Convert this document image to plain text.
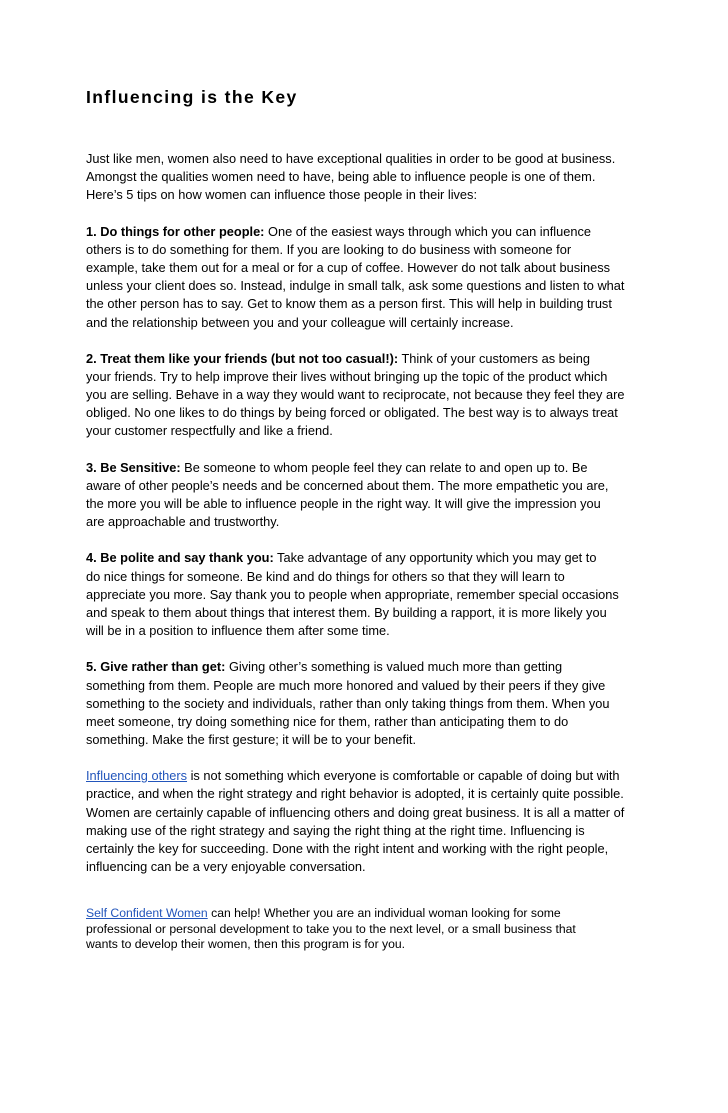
Influencing is the Key

Just like men, women also need to have exceptional qualities in order to be good at business.
Amongst the qualities women need to have, being able to influence people is one of them.
Here’s 5 tips on how women can influence those people in their lives:

1. Do things for other people: One of the easiest ways through which you can influence
others is to do something for them. If you are looking to do business with someone for
example, take them out for a meal or for a cup of coffee. However do not talk about business
unless your client does so. Instead, indulge in small talk, ask some questions and listen to what
the other person has to say. Get to know them as a person first. This will help in building trust
and the relationship between you and your colleague will certainly increase.

2. Treat them like your friends (but not too casual!): Think of your customers as being
your friends. Try to help improve their lives without bringing up the topic of the product which
you are selling. Behave in a way they would want to reciprocate, not because they feel they are
obliged. No one likes to do things by being forced or obligated. The best way is to always treat
your customer respectfully and like a friend.

3. Be Sensitive: Be someone to whom people feel they can relate to and open up to. Be
aware of other people’s needs and be concerned about them. The more empathetic you are,
the more you will be able to influence people in the right way. It will give the impression you
are approachable and trustworthy.

4. Be polite and say thank you: Take advantage of any opportunity which you may get to
do nice things for someone. Be kind and do things for others so that they will learn to
appreciate you more. Say thank you to people when appropriate, remember special occasions
and speak to them about things that interest them. By building a rapport, it is more likely you
will be in a position to influence them after some time.

5. Give rather than get: Giving other’s something is valued much more than getting
something from them. People are much more honored and valued by their peers if they give
something to the society and individuals, rather than only taking things from them. When you
meet someone, try doing something nice for them, rather than anticipating them to do
something. Make the first gesture; it will be to your benefit.

Influencing others is not something which everyone is comfortable or capable of doing but with
practice, and when the right strategy and right behavior is adopted, it is certainly quite possible.
Women are certainly capable of influencing others and doing great business. It is all a matter of
making use of the right strategy and saying the right thing at the right time. Influencing is
certainly the key for succeeding. Done with the right intent and working with the right people,
influencing can be a very enjoyable conversation.

Self Confident Women can help! Whether you are an individual woman looking for some
professional or personal development to take you to the next level, or a small business that
wants to develop their women, then this program is for you.
